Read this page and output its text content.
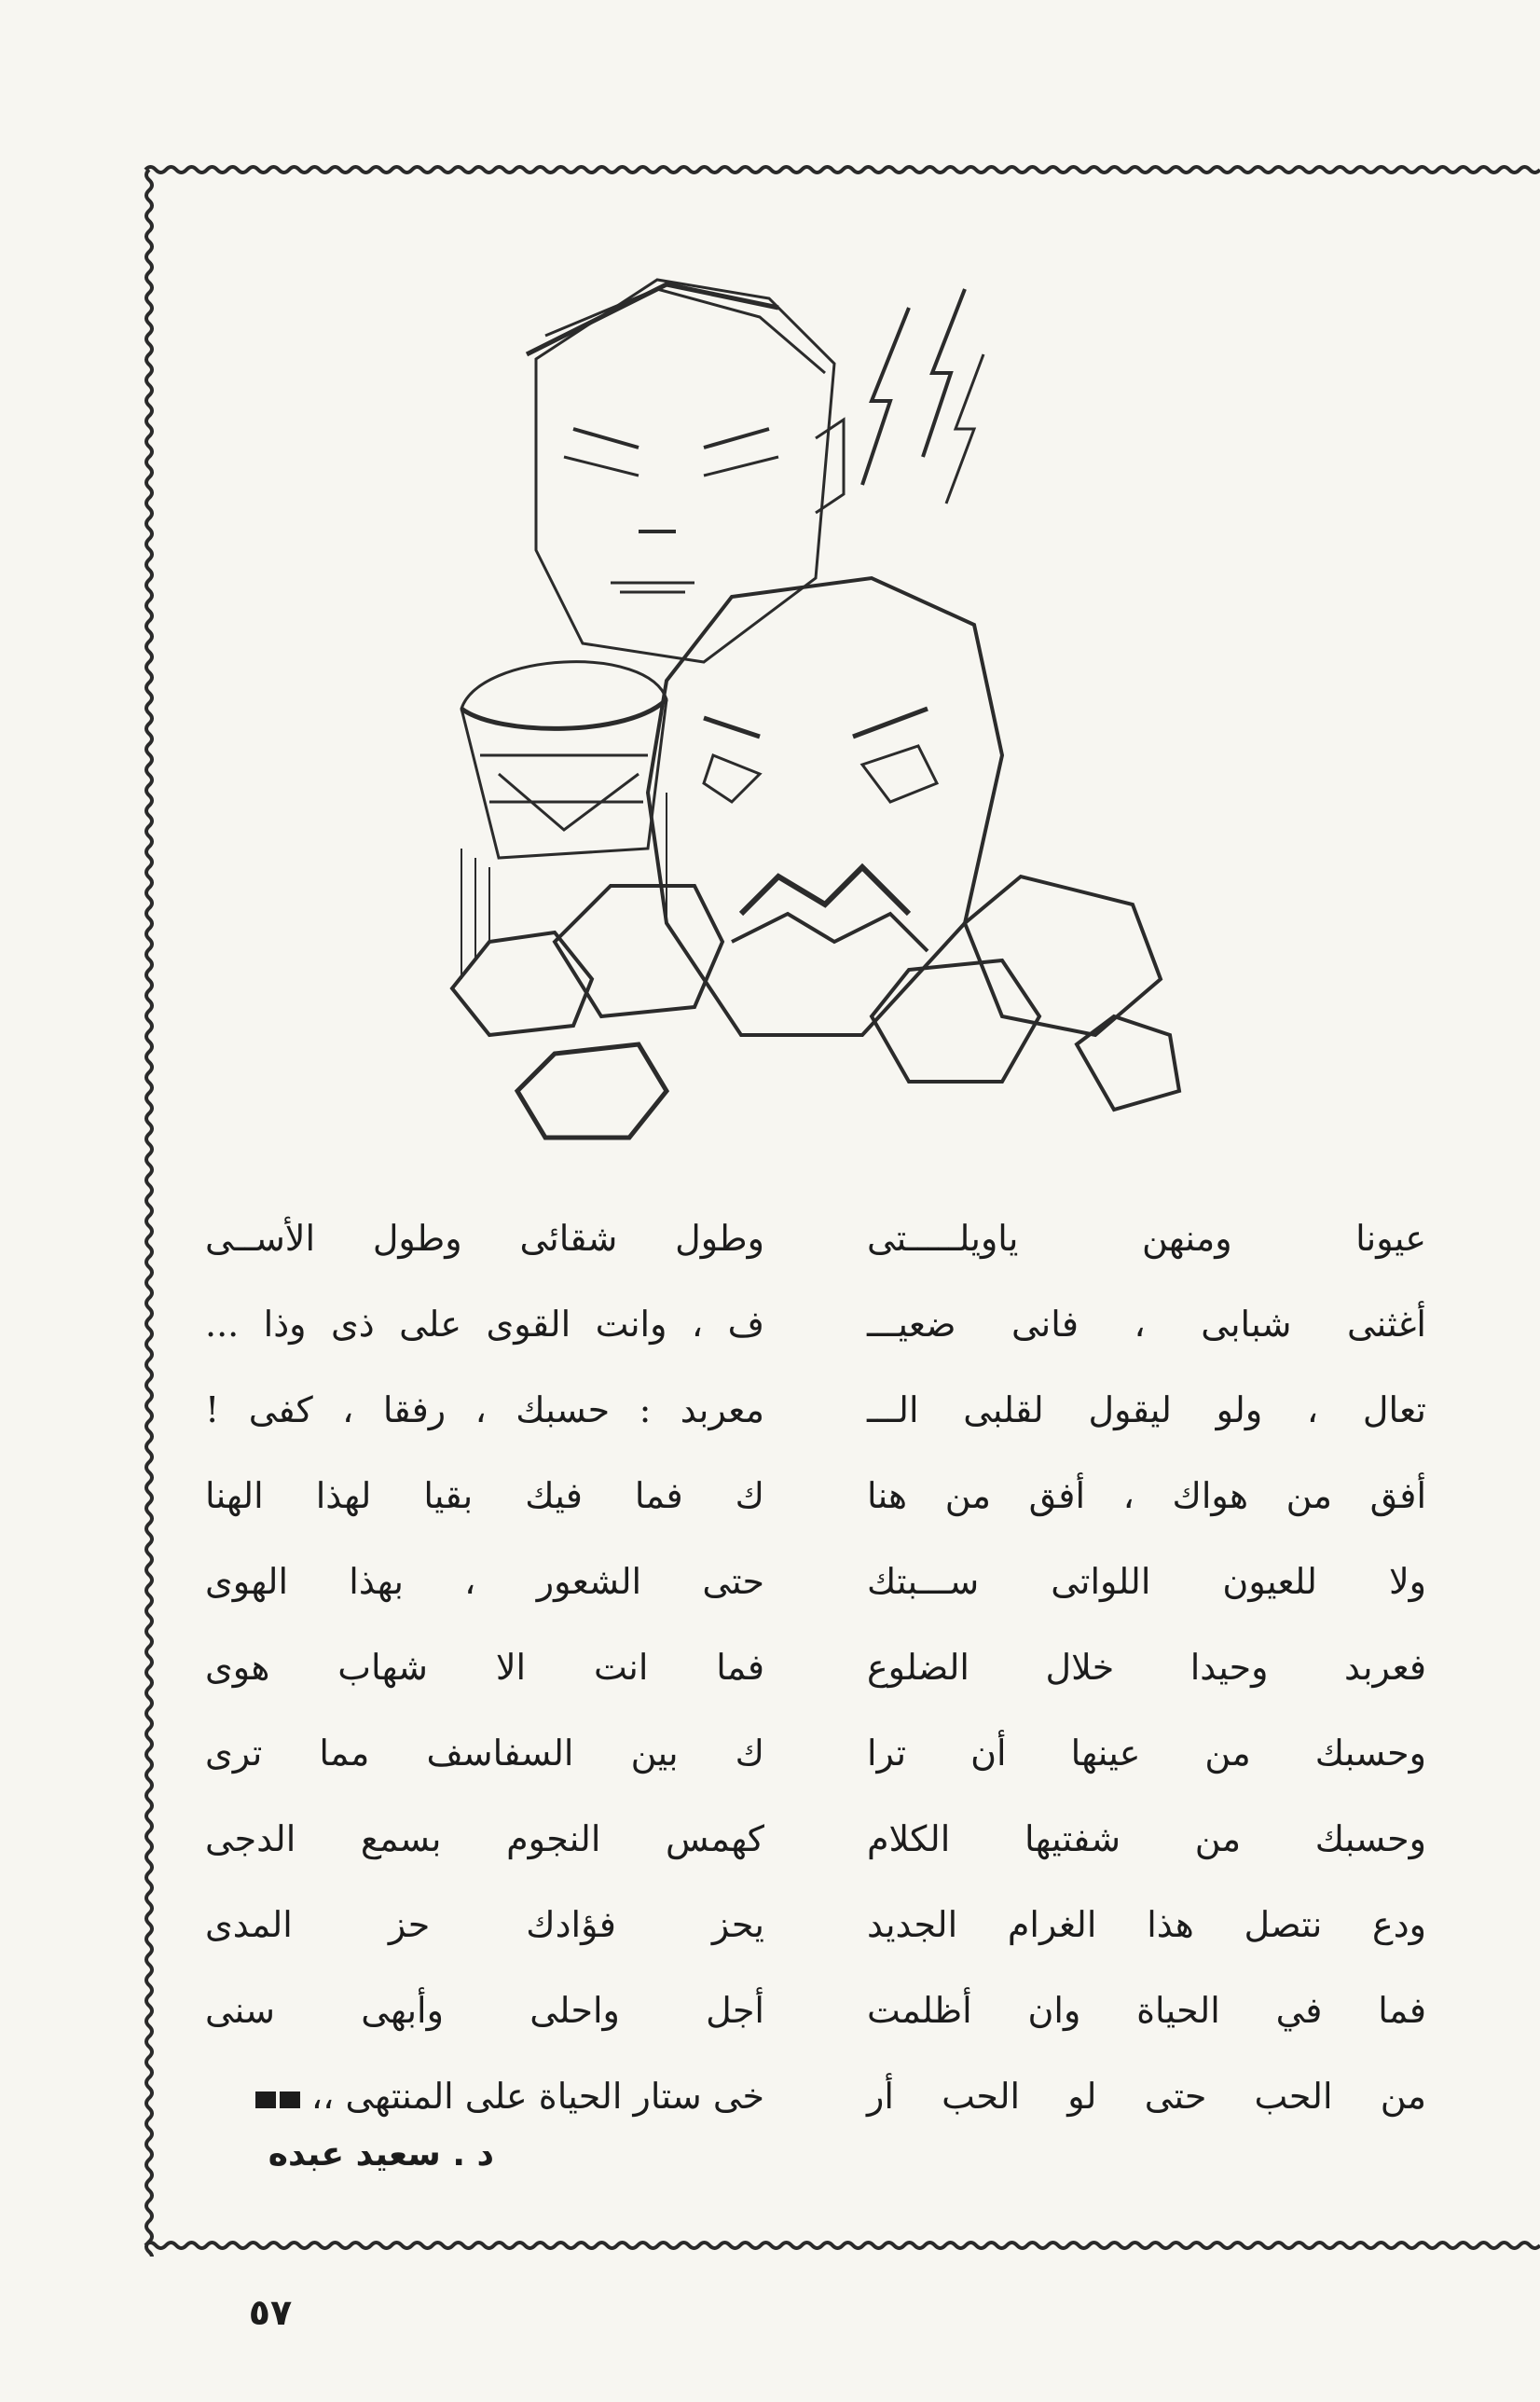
عيونا ومنهن ياويلـــــتى
أغثنى شبابى ، فانى ضعيـــ
تعال ، ولو ليقول لقلبى الـــ
أفق من هواك ، أفق من هنا
ولا للعيون اللواتى ســـبتك
فعربد وحيدا خلال الضلوع
وحسبك من عينها أن ترا
وحسبك من شفتيها الكلام
ودع نتصل هذا الغرام الجديد
فما في الحياة وان أظلمت
من الحب حتى لو الحب أر
وطول شقائى وطول الأســى
ف ، وانت القوى على ذى وذا ...
معربد : حسبك ، رفقا ، كفى !
ك فما فيك بقيا لهذا الهنا
حتى الشعور ، بهذا الهوى
فما انت الا شهاب هوى
ك بين السفاسف مما ترى
كهمس النجوم بسمع الدجى
يحز فؤادك حز المدى
أجل واحلى وأبهى سنى
خى ستار الحياة على المنتهى ،،
د . سعيد عبده
٥٧
